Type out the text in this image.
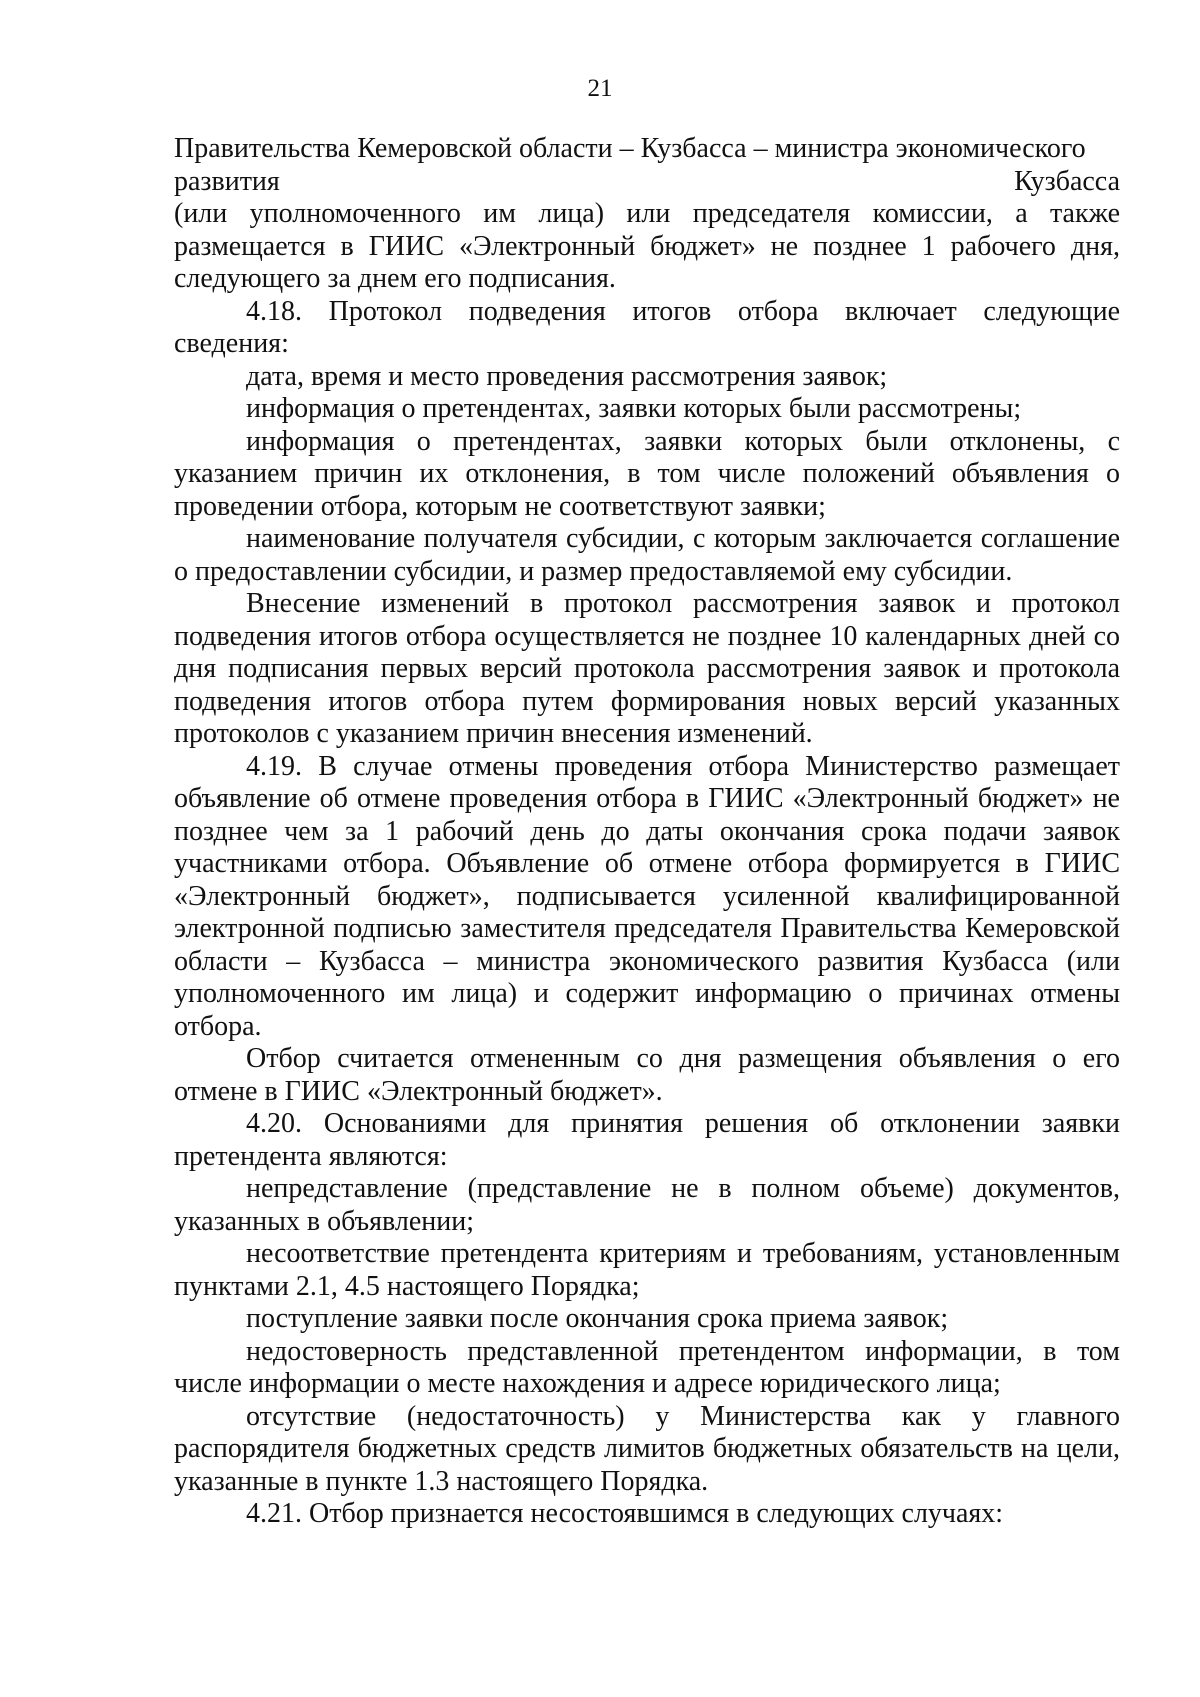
21

Правительства Кемеровской области – Кузбасса – министра экономического

развития	Кузбасса

(или уполномоченного им лица) или председателя комиссии, а также размещается в ГИИС «Электронный бюджет» не позднее 1 рабочего дня, следующего за днем его подписания.

4.18. Протокол подведения итогов отбора включает следующие сведения:

дата, время и место проведения рассмотрения заявок;

информация о претендентах, заявки которых были рассмотрены;

информация о претендентах, заявки которых были отклонены, с указанием причин их отклонения, в том числе положений объявления о проведении отбора, которым не соответствуют заявки;

наименование получателя субсидии, с которым заключается соглашение о предоставлении субсидии, и размер предоставляемой ему субсидии.

Внесение изменений в протокол рассмотрения заявок и протокол подведения итогов отбора осуществляется не позднее 10 календарных дней со дня подписания первых версий протокола рассмотрения заявок и протокола подведения итогов отбора путем формирования новых версий указанных протоколов с указанием причин внесения изменений.

4.19. В случае отмены проведения отбора Министерство размещает объявление об отмене проведения отбора в ГИИС «Электронный бюджет» не позднее чем за 1 рабочий день до даты окончания срока подачи заявок участниками отбора. Объявление об отмене отбора формируется в ГИИС «Электронный бюджет», подписывается усиленной квалифицированной электронной подписью заместителя председателя Правительства Кемеровской области – Кузбасса – министра экономического развития Кузбасса (или уполномоченного им лица) и содержит информацию о причинах отмены отбора.

Отбор считается отмененным со дня размещения объявления о его отмене в ГИИС «Электронный бюджет».

4.20. Основаниями для принятия решения об отклонении заявки претендента являются:

непредставление (представление не в полном объеме) документов, указанных в объявлении;

несоответствие претендента критериям и требованиям, установленным пунктами 2.1, 4.5 настоящего Порядка;

поступление заявки после окончания срока приема заявок;

недостоверность представленной претендентом информации, в том числе информации о месте нахождения и адресе юридического лица;

отсутствие (недостаточность) у Министерства как у главного распорядителя бюджетных средств лимитов бюджетных обязательств на цели, указанные в пункте 1.3 настоящего Порядка.

4.21. Отбор признается несостоявшимся в следующих случаях:
